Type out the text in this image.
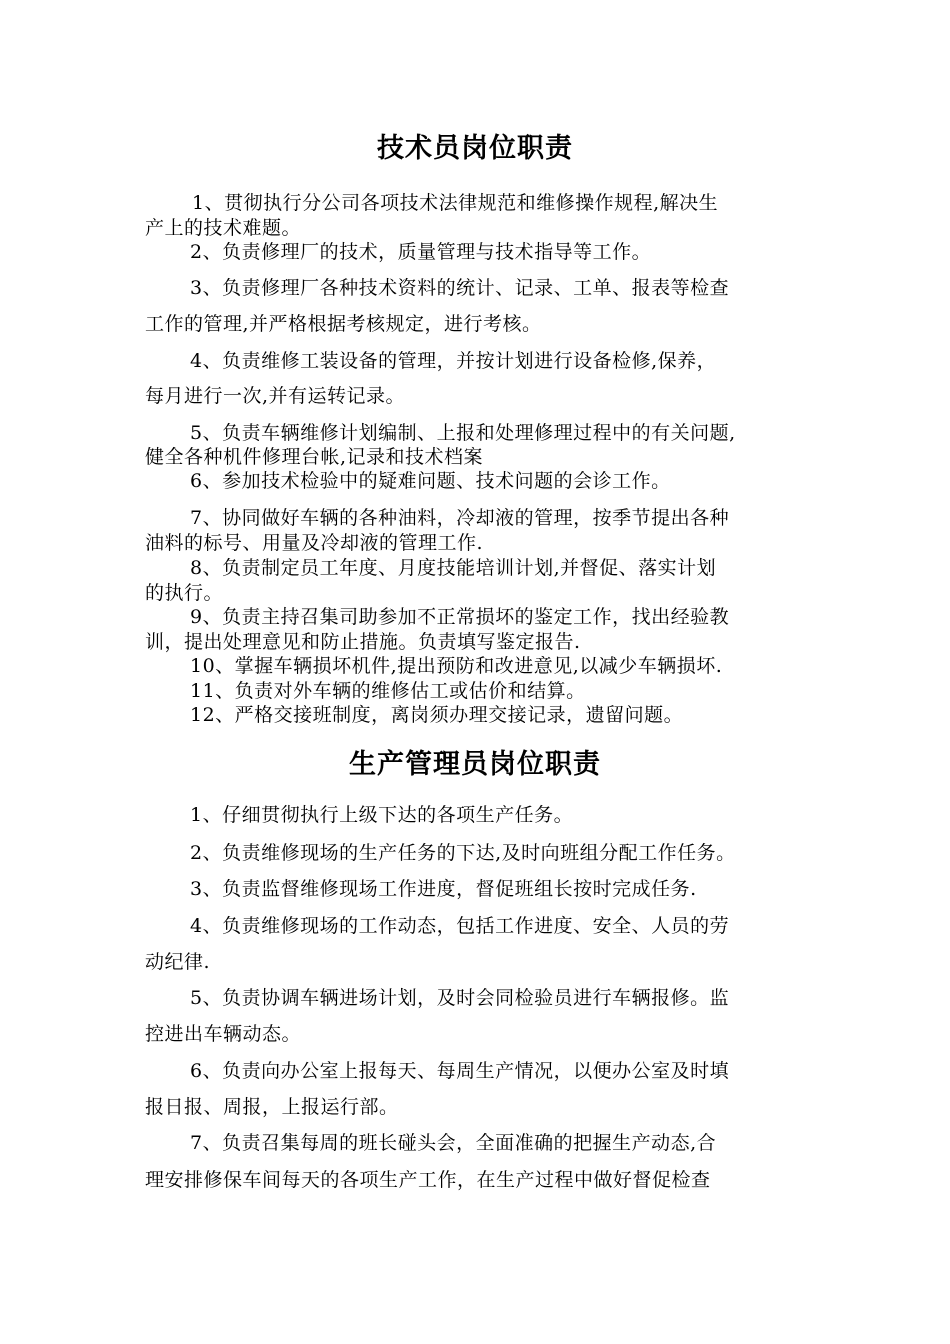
技术员岗位职责
1、贯彻执行分公司各项技术法律规范和维修操作规程,解决生
产上的技术难题。
2、负责修理厂的技术，质量管理与技术指导等工作。
3、负责修理厂各种技术资料的统计、记录、工单、报表等检查
工作的管理,并严格根据考核规定，进行考核。
4、负责维修工装设备的管理，并按计划进行设备检修,保养，
每月进行一次,并有运转记录。
5、负责车辆维修计划编制、上报和处理修理过程中的有关问题,
健全各种机件修理台帐,记录和技术档案
6、参加技术检验中的疑难问题、技术问题的会诊工作。
7、协同做好车辆的各种油料，冷却液的管理，按季节提出各种
油料的标号、用量及冷却液的管理工作.
8、负责制定员工年度、月度技能培训计划,并督促、落实计划
的执行。
9、负责主持召集司助参加不正常损坏的鉴定工作，找出经验教
训，提出处理意见和防止措施。负责填写鉴定报告.
10、掌握车辆损坏机件,提出预防和改进意见,以减少车辆损坏.
11、负责对外车辆的维修估工或估价和结算。
12、严格交接班制度，离岗须办理交接记录，遗留问题。
生产管理员岗位职责
1、仔细贯彻执行上级下达的各项生产任务。
2、负责维修现场的生产任务的下达,及时向班组分配工作任务。
3、负责监督维修现场工作进度，督促班组长按时完成任务.
4、负责维修现场的工作动态，包括工作进度、安全、人员的劳
动纪律.
5、负责协调车辆进场计划，及时会同检验员进行车辆报修。监
控进出车辆动态。
6、负责向办公室上报每天、每周生产情况，以便办公室及时填
报日报、周报，上报运行部。
7、负责召集每周的班长碰头会，全面准确的把握生产动态,合
理安排修保车间每天的各项生产工作，在生产过程中做好督促检查
